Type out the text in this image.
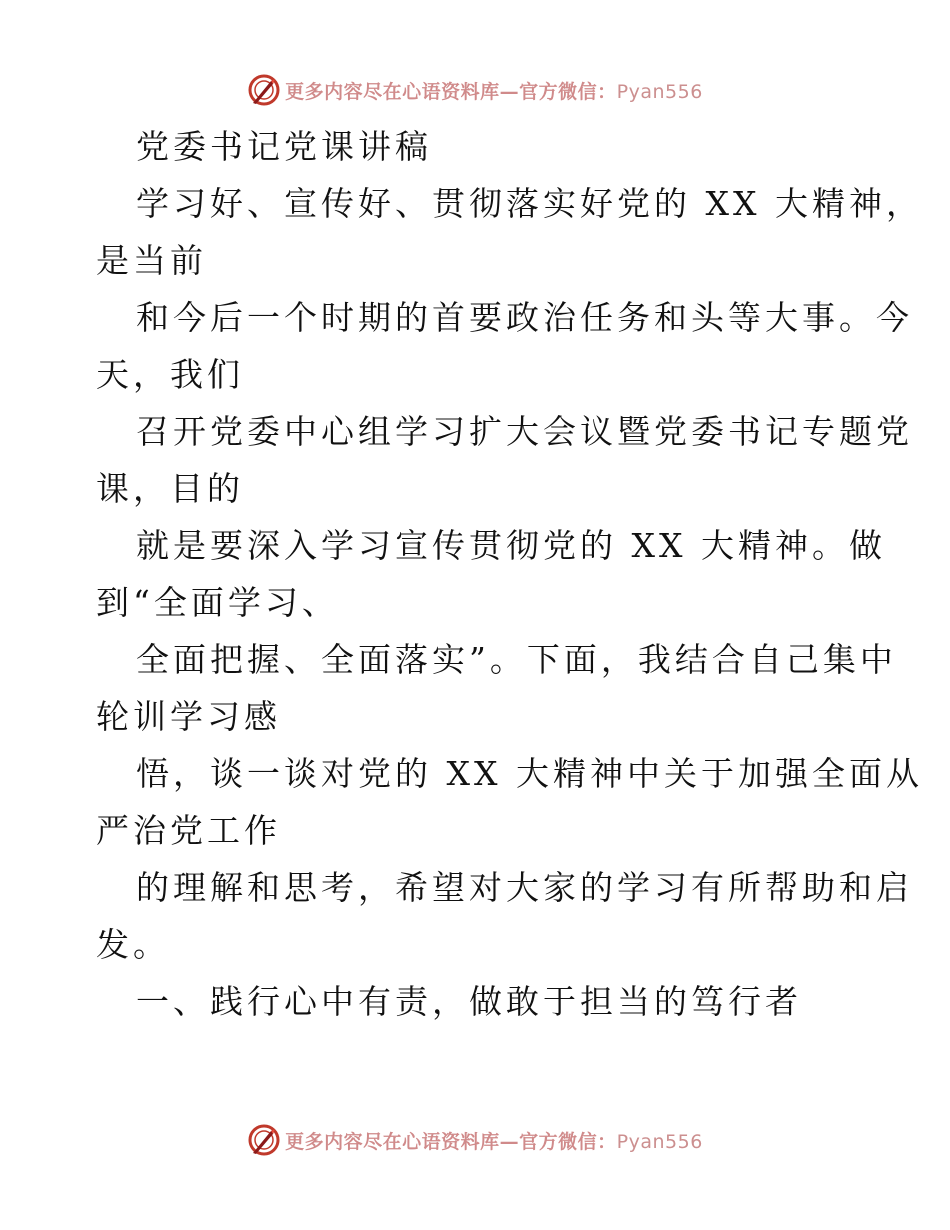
更多内容尽在心语资料库—官方微信：Pyan556
党委书记党课讲稿
学习好、宣传好、贯彻落实好党的 XX 大精神，
是当前
和今后一个时期的首要政治任务和头等大事。今
天，我们
召开党委中心组学习扩大会议暨党委书记专题党
课，目的
就是要深入学习宣传贯彻党的 XX 大精神。做
到“全面学习、
全面把握、全面落实”。下面，我结合自己集中
轮训学习感
悟，谈一谈对党的 XX 大精神中关于加强全面从
严治党工作
的理解和思考，希望对大家的学习有所帮助和启
发。
一、践行心中有责，做敢于担当的笃行者
更多内容尽在心语资料库—官方微信：Pyan556
